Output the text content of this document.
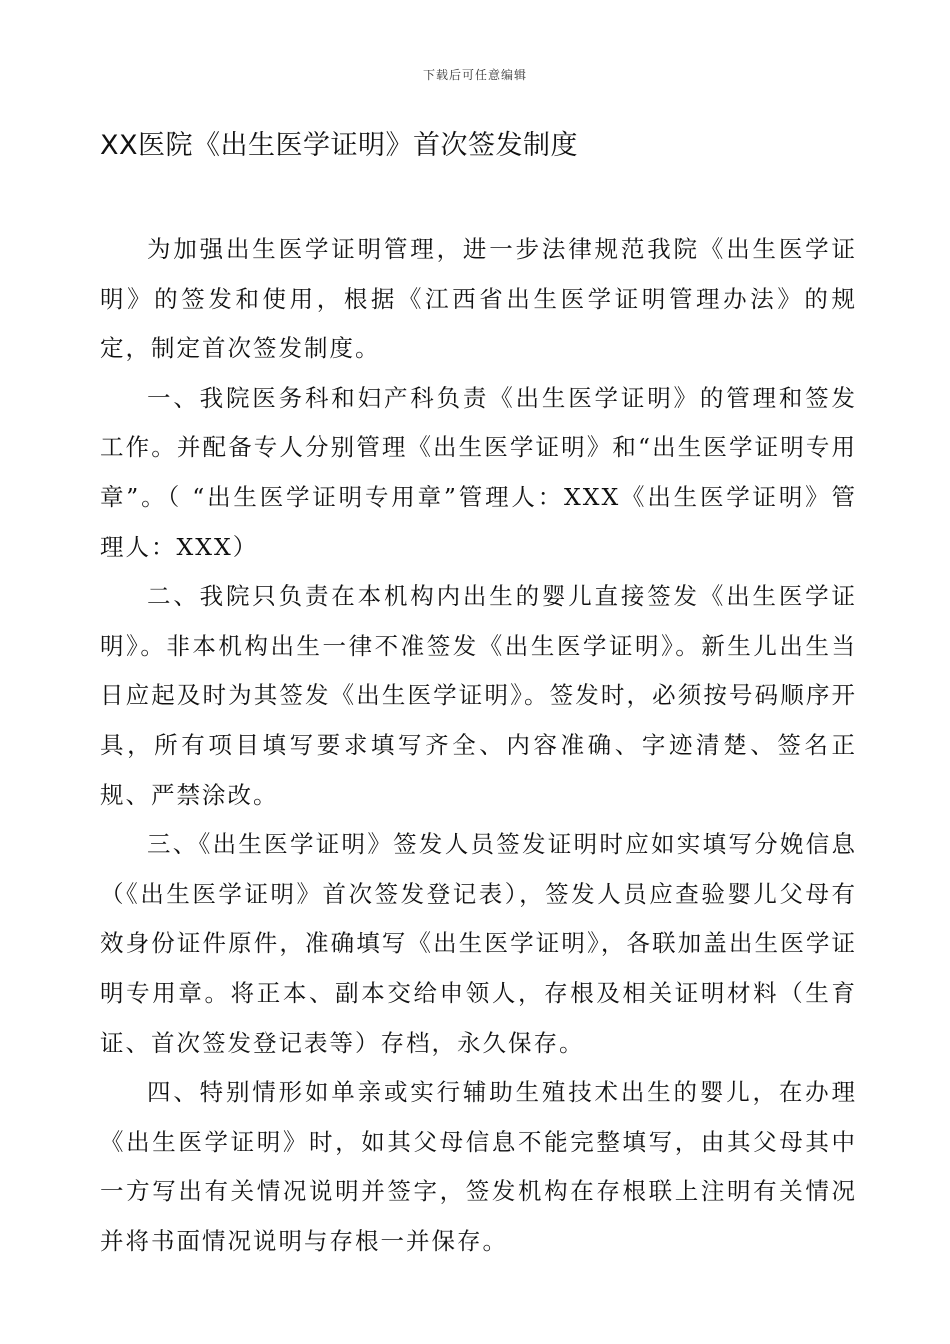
下载后可任意编辑
XX医院《出生医学证明》首次签发制度

为加强出生医学证明管理，进一步法律规范我院《出生医学证明》的签发和使用，根据《江西省出生医学证明管理办法》的规定，制定首次签发制度。

一、我院医务科和妇产科负责《出生医学证明》的管理和签发工作。并配备专人分别管理《出生医学证明》和“出生医学证明专用章”。（ “出生医学证明专用章”管理人：XXX《出生医学证明》管理人：XXX）

二、我院只负责在本机构内出生的婴儿直接签发《出生医学证明》。非本机构出生一律不准签发《出生医学证明》。新生儿出生当日应起及时为其签发《出生医学证明》。签发时，必须按号码顺序开具，所有项目填写要求填写齐全、内容准确、字迹清楚、签名正规、严禁涂改。

三、《出生医学证明》签发人员签发证明时应如实填写分娩信息（《出生医学证明》首次签发登记表），签发人员应查验婴儿父母有效身份证件原件，准确填写《出生医学证明》，各联加盖出生医学证明专用章。将正本、副本交给申领人，存根及相关证明材料（生育证、首次签发登记表等）存档，永久保存。

四、特别情形如单亲或实行辅助生殖技术出生的婴儿，在办理《出生医学证明》时，如其父母信息不能完整填写，由其父母其中一方写出有关情况说明并签字，签发机构在存根联上注明有关情况并将书面情况说明与存根一并保存。
